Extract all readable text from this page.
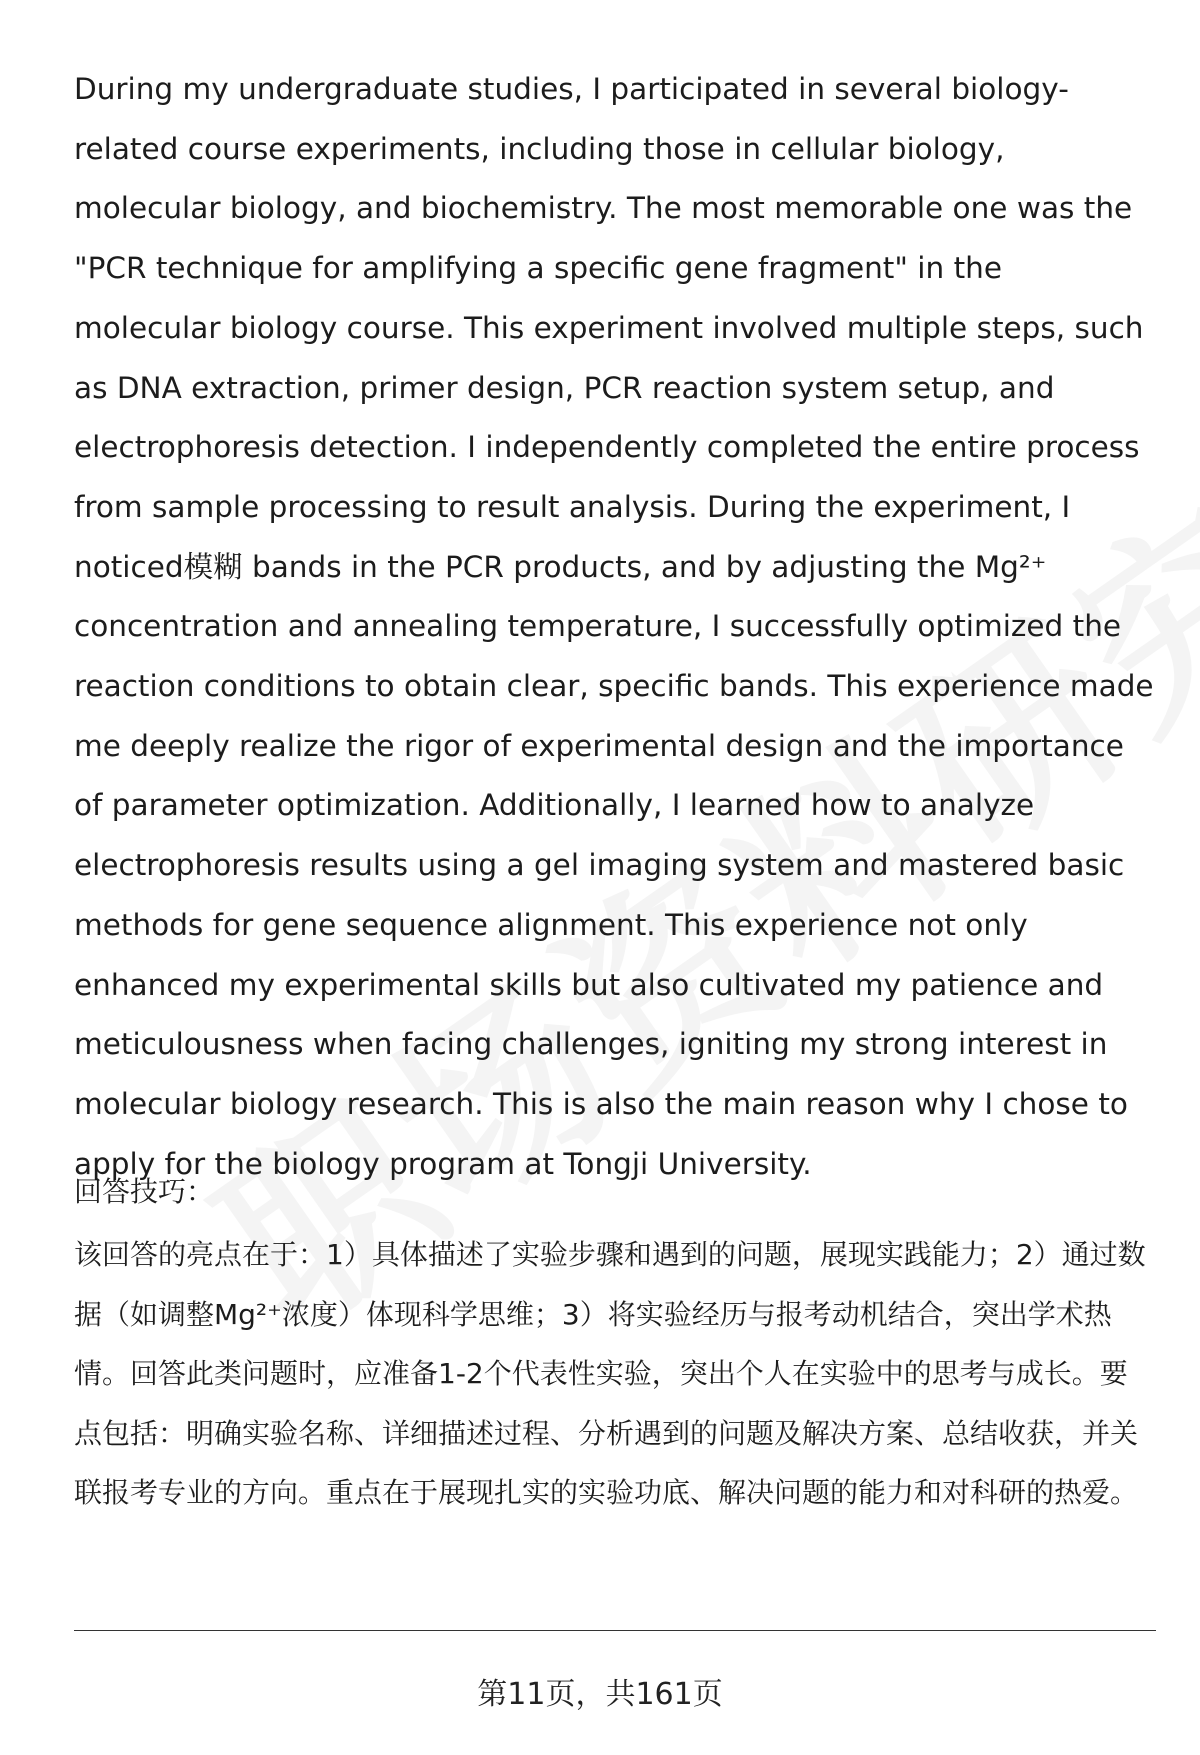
During my undergraduate studies, I participated in several biology-related course experiments, including those in cellular biology, molecular biology, and biochemistry. The most memorable one was the "PCR technique for amplifying a specific gene fragment" in the molecular biology course. This experiment involved multiple steps, such as DNA extraction, primer design, PCR reaction system setup, and electrophoresis detection. I independently completed the entire process from sample processing to result analysis. During the experiment, I noticed模糊 bands in the PCR products, and by adjusting the Mg²⁺ concentration and annealing temperature, I successfully optimized the reaction conditions to obtain clear, specific bands. This experience made me deeply realize the rigor of experimental design and the importance of parameter optimization. Additionally, I learned how to analyze electrophoresis results using a gel imaging system and mastered basic methods for gene sequence alignment. This experience not only enhanced my experimental skills but also cultivated my patience and meticulousness when facing challenges, igniting my strong interest in molecular biology research. This is also the main reason why I chose to apply for the biology program at Tongji University.

回答技巧：

该回答的亮点在于：1）具体描述了实验步骤和遇到的问题，展现实践能力；2）通过数据（如调整Mg²⁺浓度）体现科学思维；3）将实验经历与报考动机结合，突出学术热情。回答此类问题时，应准备1-2个代表性实验，突出个人在实验中的思考与成长。要点包括：明确实验名称、详细描述过程、分析遇到的问题及解决方案、总结收获，并关联报考专业的方向。重点在于展现扎实的实验功底、解决问题的能力和对科研的热爱。

第11页，共161页
